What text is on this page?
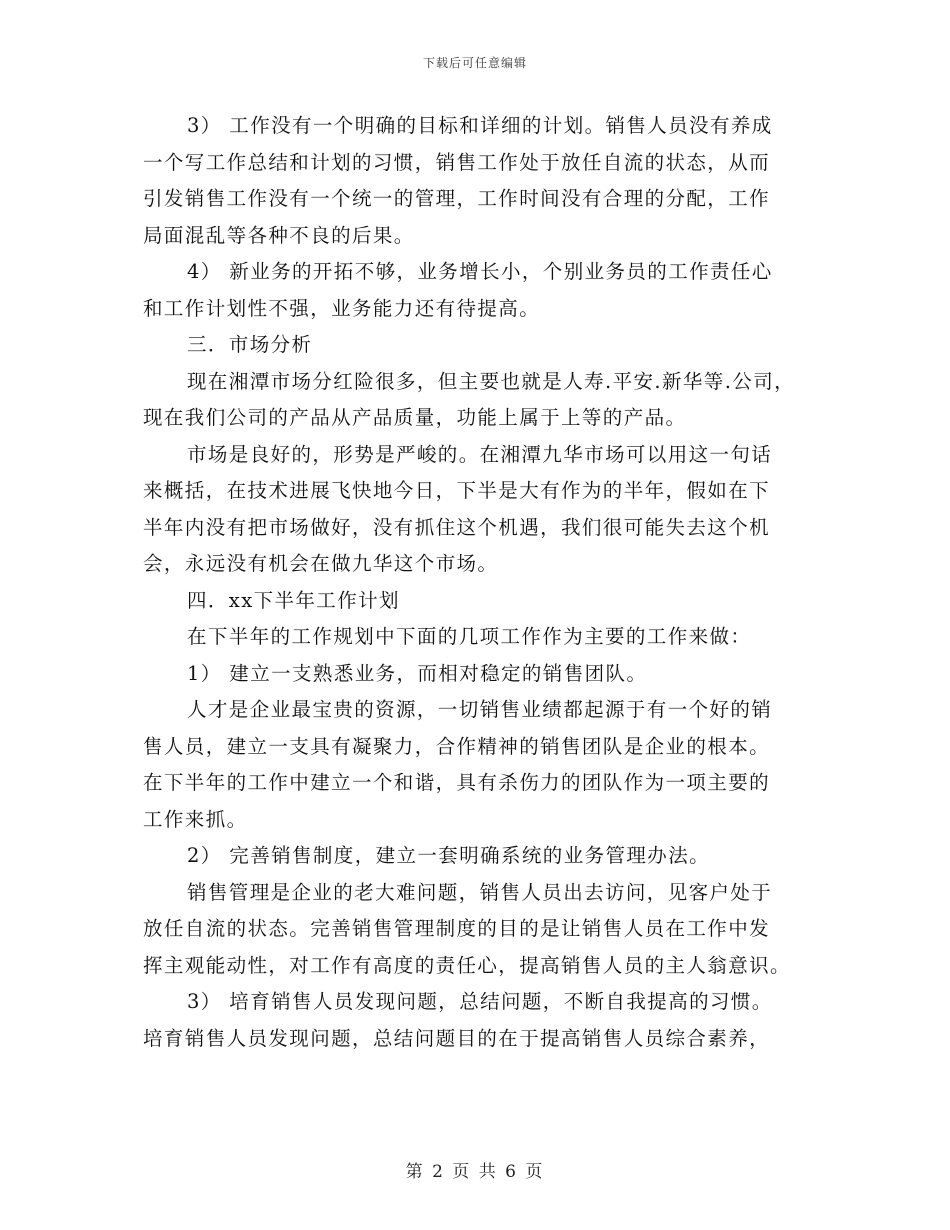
下载后可任意编辑
3） 工作没有一个明确的目标和详细的计划。销售人员没有养成
一个写工作总结和计划的习惯，销售工作处于放任自流的状态，从而
引发销售工作没有一个统一的管理，工作时间没有合理的分配，工作
局面混乱等各种不良的后果。
4） 新业务的开拓不够，业务增长小，个别业务员的工作责任心
和工作计划性不强，业务能力还有待提高。
三．市场分析
现在湘潭市场分红险很多，但主要也就是人寿.平安.新华等.公司，
现在我们公司的产品从产品质量，功能上属于上等的产品。
市场是良好的，形势是严峻的。在湘潭九华市场可以用这一句话
来概括，在技术进展飞快地今日，下半是大有作为的半年，假如在下
半年内没有把市场做好，没有抓住这个机遇，我们很可能失去这个机
会，永远没有机会在做九华这个市场。
四．xx下半年工作计划
在下半年的工作规划中下面的几项工作作为主要的工作来做：
1） 建立一支熟悉业务，而相对稳定的销售团队。
人才是企业最宝贵的资源，一切销售业绩都起源于有一个好的销
售人员，建立一支具有凝聚力，合作精神的销售团队是企业的根本。
在下半年的工作中建立一个和谐，具有杀伤力的团队作为一项主要的
工作来抓。
2） 完善销售制度，建立一套明确系统的业务管理办法。
销售管理是企业的老大难问题，销售人员出去访问，见客户处于
放任自流的状态。完善销售管理制度的目的是让销售人员在工作中发
挥主观能动性，对工作有高度的责任心，提高销售人员的主人翁意识。
3） 培育销售人员发现问题，总结问题，不断自我提高的习惯。
培育销售人员发现问题，总结问题目的在于提高销售人员综合素养，
第 2 页 共 6 页
